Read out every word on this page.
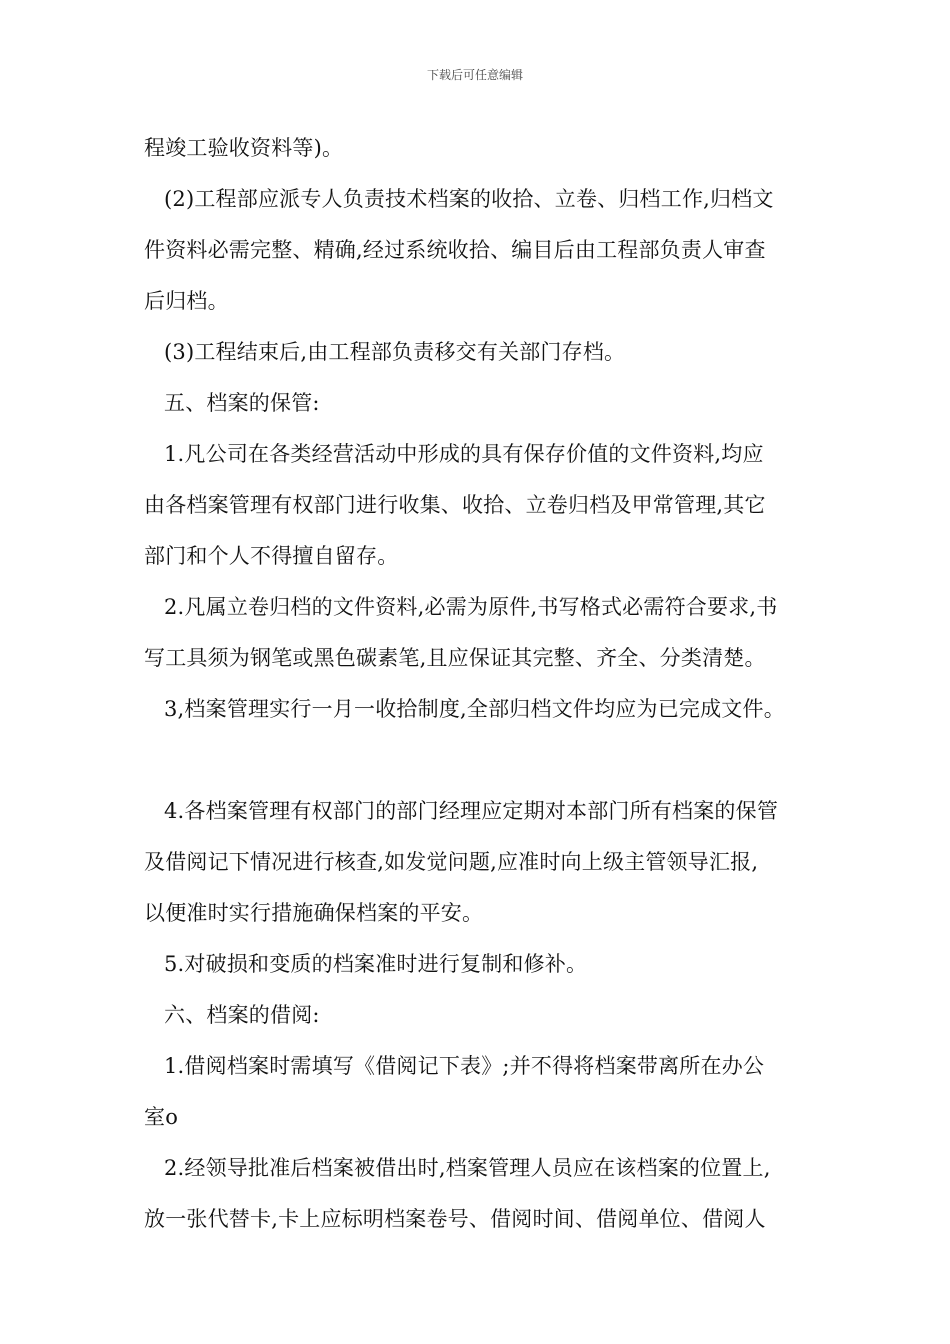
下载后可任意编辑
程竣工验收资料等)。
(2)工程部应派专人负责技术档案的收拾、立卷、归档工作,归档文
件资料必需完整、精确,经过系统收拾、编目后由工程部负责人审查
后归档。
(3)工程结束后,由工程部负责移交有关部门存档。
五、档案的保管:
1.凡公司在各类经营活动中形成的具有保存价值的文件资料,均应
由各档案管理有权部门进行收集、收拾、立卷归档及甲常管理,其它
部门和个人不得擅自留存。
2.凡属立卷归档的文件资料,必需为原件,书写格式必需符合要求,书
写工具须为钢笔或黑色碳素笔,且应保证其完整、齐全、分类清楚。
3,档案管理实行一月一收拾制度,全部归档文件均应为已完成文件。
4.各档案管理有权部门的部门经理应定期对本部门所有档案的保管
及借阅记下情况进行核查,如发觉问题,应准时向上级主管领导汇报,
以便准时实行措施确保档案的平安。
5.对破损和变质的档案准时进行复制和修补。
六、档案的借阅:
1.借阅档案时需填写《借阅记下表》;并不得将档案带离所在办公
室o
2.经领导批准后档案被借出时,档案管理人员应在该档案的位置上,
放一张代替卡,卡上应标明档案卷号、借阅时间、借阅单位、借阅人
